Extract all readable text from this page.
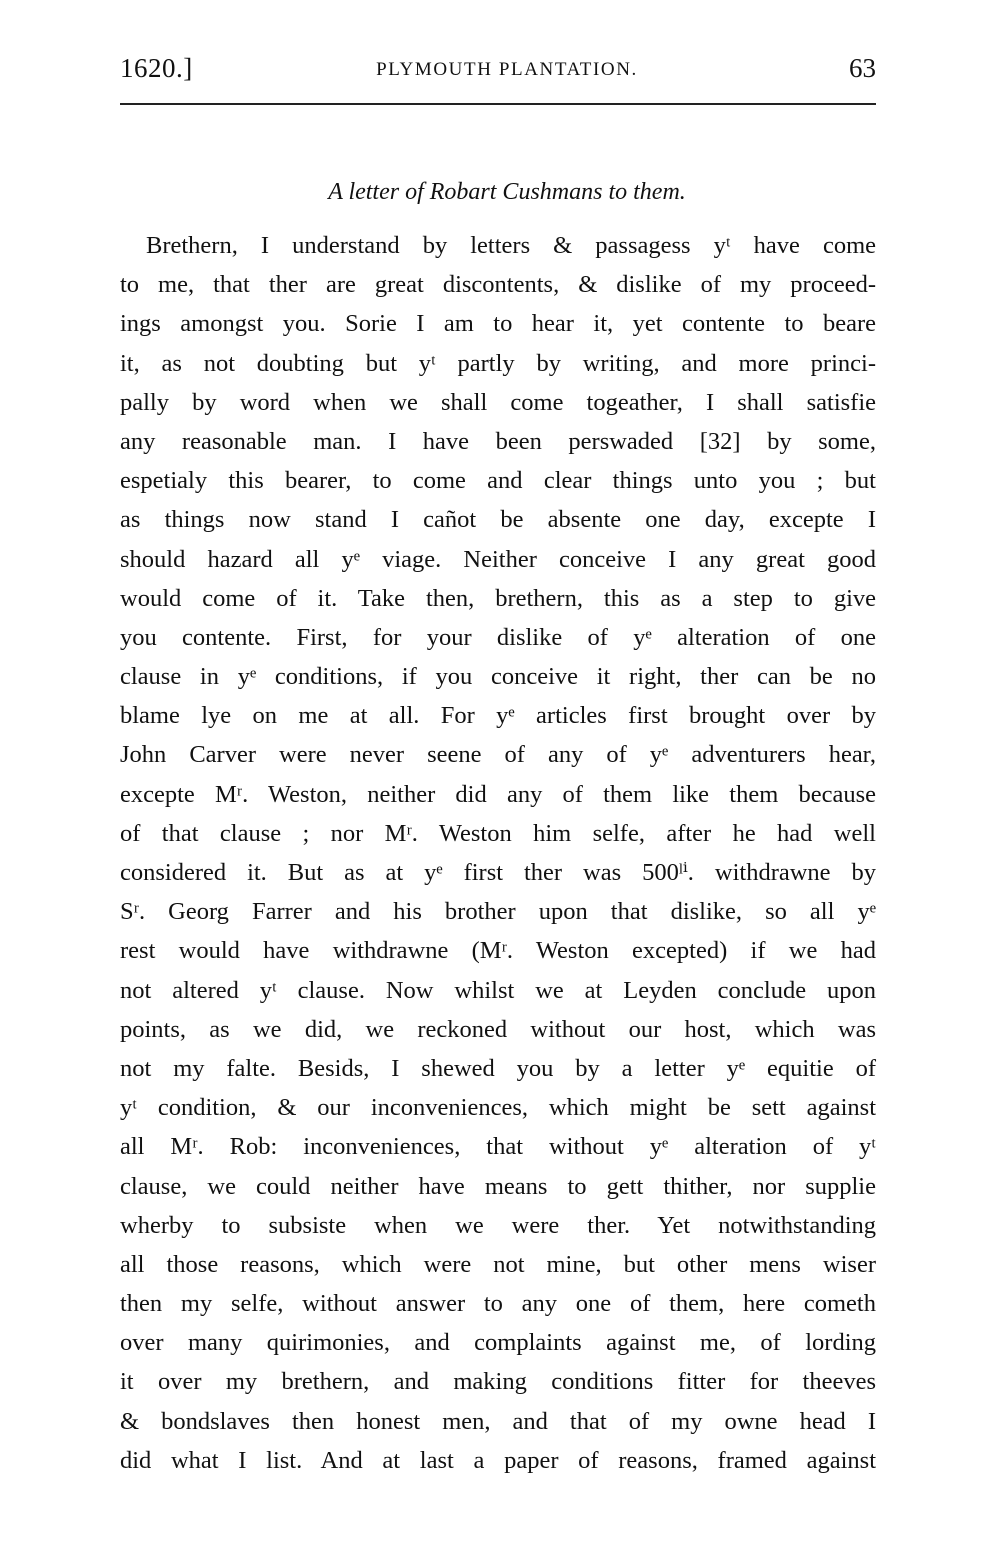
1620.]	PLYMOUTH PLANTATION.	63
A letter of Robart Cushmans to them.
Brethern, I understand by letters & passagess yᵗ have come
to me, that ther are great discontents, & dislike of my proceed-
ings amongst you. Sorie I am to hear it, yet contente to beare
it, as not doubting but yᵗ partly by writing, and more princi-
pally by word when we shall come togeather, I shall satisfie
any reasonable man. I have been perswaded [32] by some,
espetialy this bearer, to come and clear things unto you ; but
as things now stand I cañot be absente one day, excepte I
should hazard all yᵉ viage. Neither conceive I any great good
would come of it. Take then, brethern, this as a step to give
you contente. First, for your dislike of yᵉ alteration of one
clause in yᵉ conditions, if you conceive it right, ther can be no
blame lye on me at all. For yᵉ articles first brought over by
John Carver were never seene of any of yᵉ adventurers hear,
excepte Mʳ. Weston, neither did any of them like them because
of that clause ; nor Mʳ. Weston him selfe, after he had well
considered it. But as at yᵉ first ther was 500ˡⁱ. withdrawne by
Sʳ. Georg Farrer and his brother upon that dislike, so all yᵉ
rest would have withdrawne (Mʳ. Weston excepted) if we had
not altered yᵗ clause. Now whilst we at Leyden conclude upon
points, as we did, we reckoned without our host, which was
not my falte. Besids, I shewed you by a letter yᵉ equitie of
yᵗ condition, & our inconveniences, which might be sett against
all Mʳ. Rob: inconveniences, that without yᵉ alteration of yᵗ
clause, we could neither have means to gett thither, nor supplie
wherby to subsiste when we were ther. Yet notwithstanding
all those reasons, which were not mine, but other mens wiser
then my selfe, without answer to any one of them, here cometh
over many quirimonies, and complaints against me, of lording
it over my brethern, and making conditions fitter for theeves
& bondslaves then honest men, and that of my owne head I
did what I list. And at last a paper of reasons, framed against
